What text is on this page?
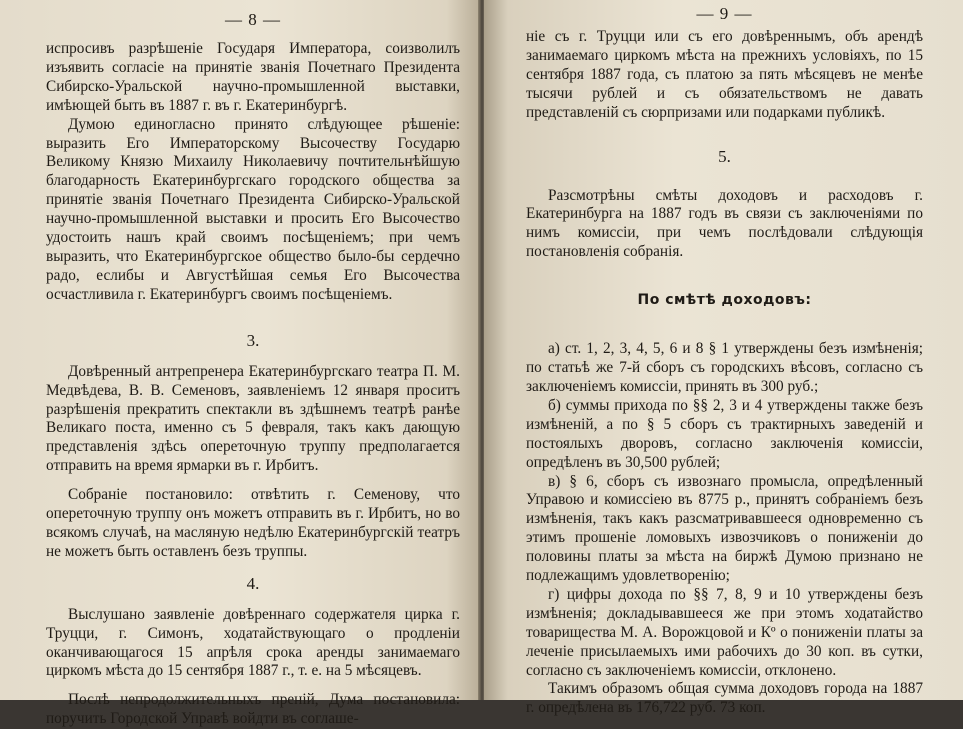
— 8 —

испросивъ разрѣшеніе Государя Императора, соизволилъ изъявить согласіе на принятіе званія Почетнаго Президента Сибирско-Уральской научно-промышленной выставки, имѣющей быть въ 1887 г. въ г. Екатеринбургѣ.

Думою единогласно принято слѣдующее рѣшеніе: выразить Его Императорскому Высочеству Государю Великому Князю Михаилу Николаевичу почтительнѣйшую благодарность Екатеринбургскаго городского общества за принятіе званія Почетнаго Президента Сибирско-Уральской научно-промышленной выставки и просить Его Высочество удостоить нашъ край своимъ посѣщеніемъ; при чемъ выразить, что Екатеринбургское общество было-бы сердечно радо, еслибы и Августѣйшая семья Его Высочества осчастливила г. Екатеринбургъ своимъ посѣщеніемъ.

3.

Довѣренный антрепренера Екатеринбургскаго театра П. М. Медвѣдева, В. В. Семеновъ, заявленіемъ 12 января проситъ разрѣшенія прекратить спектакли въ здѣшнемъ театрѣ ранѣе Великаго поста, именно съ 5 февраля, такъ какъ дающую представленія здѣсь опереточную труппу предполагается отправить на время ярмарки въ г. Ирбитъ.

Собраніе постановило: отвѣтить г. Семенову, что опереточную труппу онъ можетъ отправить въ г. Ирбитъ, но во всякомъ случаѣ, на масляную недѣлю Екатеринбургскій театръ не можетъ быть оставленъ безъ труппы.

4.

Выслушано заявленіе довѣреннаго содержателя цирка г. Труцци, г. Симонъ, ходатайствующаго о продленіи оканчивающагося 15 апрѣля срока аренды занимаемаго циркомъ мѣста до 15 сентября 1887 г., т. е. на 5 мѣсяцевъ.

Послѣ непродолжительныхъ преній, Дума постановила: поручить Городской Управѣ войдти въ соглаше-

— 9 —

ніе съ г. Труцци или съ его довѣреннымъ, объ арендѣ занимаемаго циркомъ мѣста на прежнихъ условіяхъ, по 15 сентября 1887 года, съ платою за пять мѣсяцевъ не менѣе тысячи рублей и съ обязательствомъ не давать представленій съ сюрпризами или подарками публикѣ.

5.

Разсмотрѣны смѣты доходовъ и расходовъ г. Екатеринбурга на 1887 годъ въ связи съ заключеніями по нимъ комиссіи, при чемъ послѣдовали слѣдующія постановленія собранія.

По смѣтѣ доходовъ:

а) ст. 1, 2, 3, 4, 5, 6 и 8 § 1 утверждены безъ измѣненія; по статьѣ же 7-й сборъ съ городскихъ вѣсовъ, согласно съ заключеніемъ комиссіи, принять въ 300 руб.;

б) суммы прихода по §§ 2, 3 и 4 утверждены также безъ измѣненій, а по § 5 сборъ съ трактирныхъ заведеній и постоялыхъ дворовъ, согласно заключенія комиссіи, опредѣленъ въ 30,500 рублей;

в) § 6, сборъ съ извознаго промысла, опредѣленный Управою и комиссіею въ 8775 р., принятъ собраніемъ безъ измѣненія, такъ какъ разсматривавшееся одновременно съ этимъ прошеніе ломовыхъ извозчиковъ о пониженіи до половины платы за мѣста на биржѣ Думою признано не подлежащимъ удовлетворенію;

г) цифры дохода по §§ 7, 8, 9 и 10 утверждены безъ измѣненія; докладывавшееся же при этомъ ходатайство товарищества М. А. Ворожцовой и Кº о пониженіи платы за леченіе присылаемыхъ ими рабочихъ до 30 коп. въ сутки, согласно съ заключеніемъ комиссіи, отклонено.

Такимъ образомъ общая сумма доходовъ города на 1887 г. опредѣлена въ 176,722 руб. 73 коп.
